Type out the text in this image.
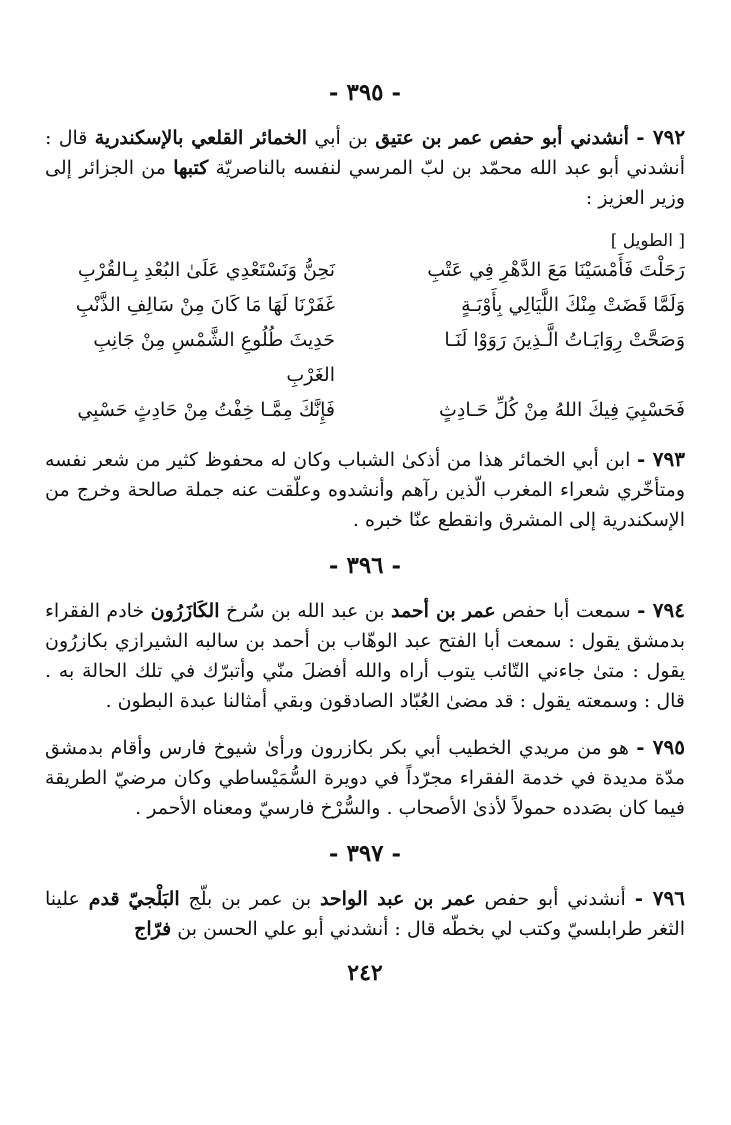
- ٣٩٥ -

٧٩٢ - أنشدني أبو حفص عمر بن عتيق بن أبي الخمائر القلعي بالإسكندرية قال : أنشدني أبو عبد الله محمّد بن لبّ المرسي لنفسه بالناصريّة كتبها من الجزائر إلى وزير العزيز :

[ الطويل ]
رَحَلْتَ فَأَمْسَيْنَا مَعَ الدَّهْرِ فِي عَتْبِ
نَحِنُّ وَنَسْتَعْدِي عَلَىٰ البُعْدِ بِـالقُرْبِ
وَلَمَّا قَضَتْ مِنْكَ اللَّيَالِي بِأَوْبَـةٍ
غَفَرْنَا لَهَا مَا كَانَ مِنْ سَالِفِ الذَّنْبِ
وَصَحَّتْ رِوَايَـاتُ الَّـذِينَ رَوَوْا لَنَـا
حَدِيثَ طُلُوعِ الشَّمْسِ مِنْ جَانِبِ الغَرْبِ
فَحَسْبِيَ فِيكَ اللهُ مِنْ كُلِّ حَـادِثٍ
فَإِنَّكَ مِمَّـا خِفْتُ مِنْ حَادِثٍ حَسْبِي

٧٩٣ - ابن أبي الخمائر هذا من أذكىٰ الشباب وكان له محفوظ كثير من شعر نفسه ومتأخّري شعراء المغرب الّذين رآهم وأنشدوه وعلّقت عنه جملة صالحة وخرج من الإسكندرية إلى المشرق وانقطع عنّا خبره .

- ٣٩٦ -

٧٩٤ - سمعت أبا حفص عمر بن أحمد بن عبد الله بن سُرخ الكَازَرُون خادم الفقراء بدمشق يقول : سمعت أبا الفتح عبد الوهّاب بن أحمد بن سالبه الشيرازي بكازرُون يقول : متىٰ جاءني التّائب يتوب أراه والله أفضلَ منّي وأتبرّك في تلك الحالة به . قال : وسمعته يقول : قد مضىٰ العُبّاد الصادقون وبقي أمثالنا عبدة البطون .

٧٩٥ - هو من مريدي الخطيب أبي بكر بكازرون ورأىٰ شيوخ فارس وأقام بدمشق مدّة مديدة في خدمة الفقراء مجرّداً في دويرة السُّمَيْساطي وكان مرضيّ الطريقة فيما كان بصَدده حمولاً لأذىٰ الأصحاب . والسُّرْخ فارسيّ ومعناه الأحمر .

- ٣٩٧ -

٧٩٦ - أنشدني أبو حفص عمر بن عبد الواحد بن عمر بن بلّج البَلْجيّ قدم علينا الثغر طرابلسيّ وكتب لي بخطّه قال : أنشدني أبو علي الحسن بن فرّاج

٢٤٢
